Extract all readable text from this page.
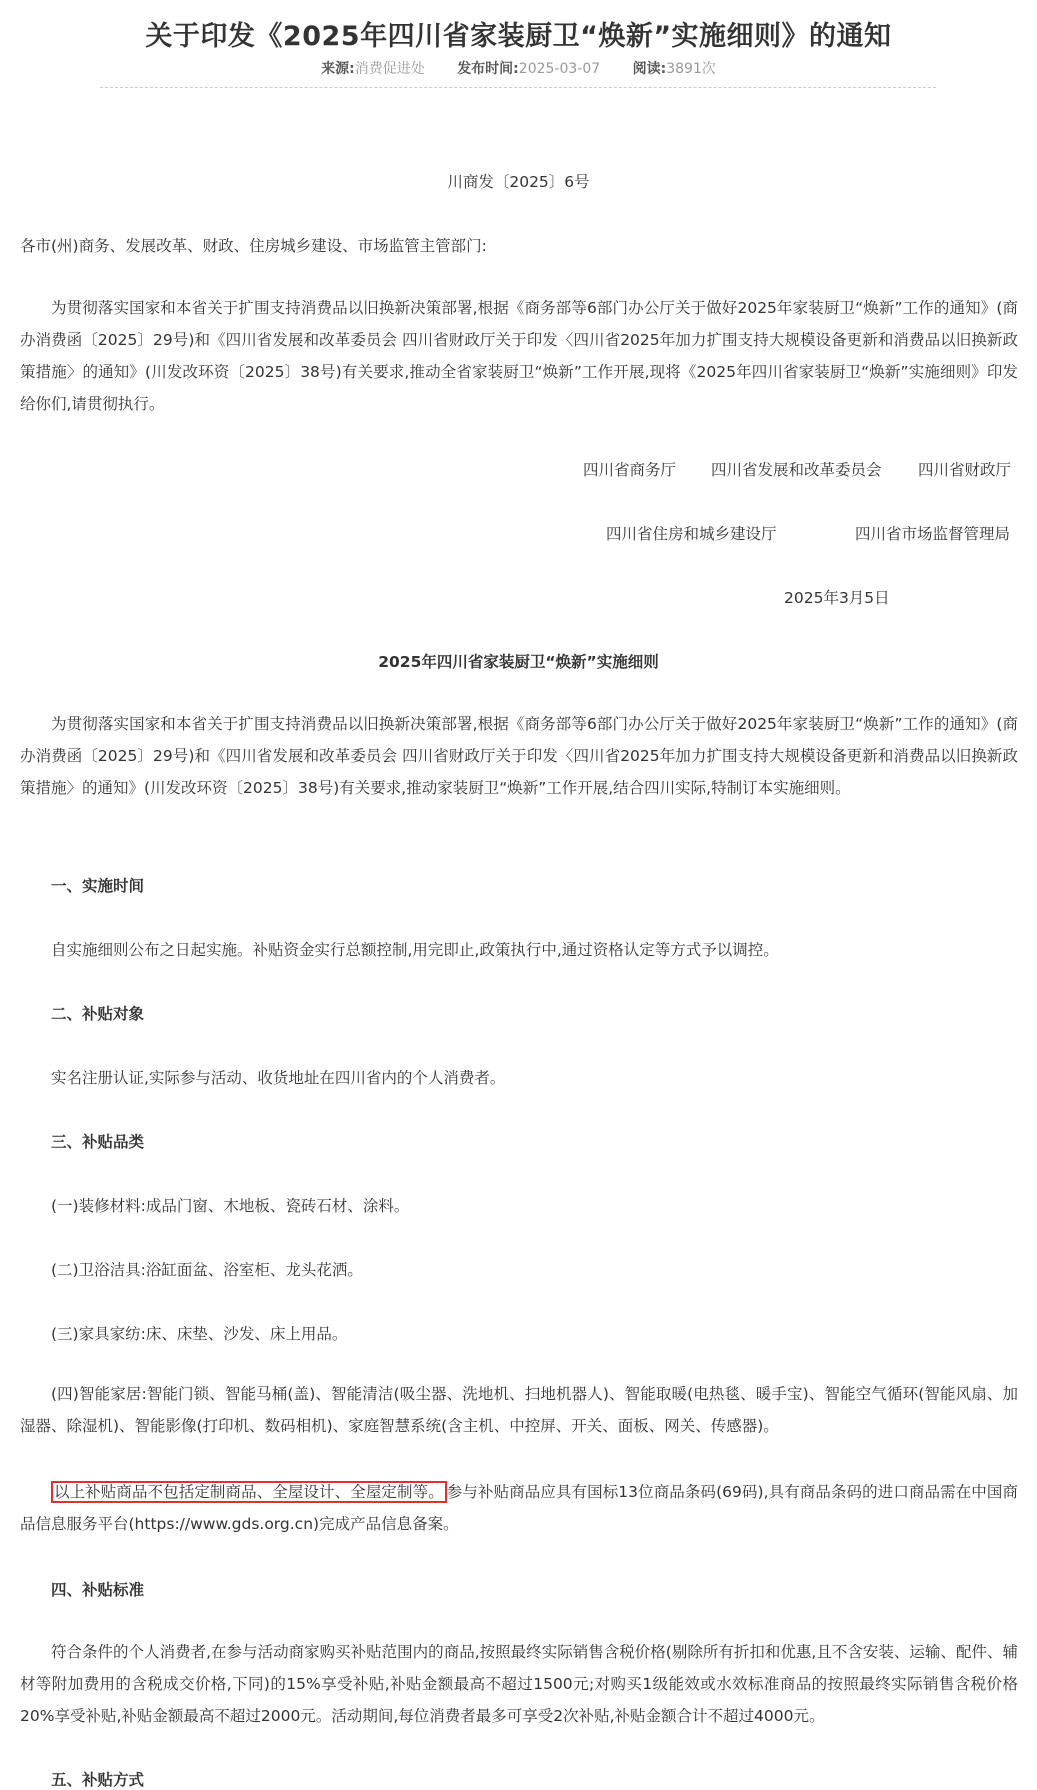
关于印发《2025年四川省家装厨卫“焕新”实施细则》的通知
来源:消费促进处 发布时间:2025-03-07 阅读:3891次
川商发〔2025〕6号
各市(州)商务、发展改革、财政、住房城乡建设、市场监管主管部门:
为贯彻落实国家和本省关于扩围支持消费品以旧换新决策部署,根据《商务部等6部门办公厅关于做好2025年家装厨卫“焕新”工作的通知》(商办消费函〔2025〕29号)和《四川省发展和改革委员会 四川省财政厅关于印发〈四川省2025年加力扩围支持大规模设备更新和消费品以旧换新政策措施〉的通知》(川发改环资〔2025〕38号)有关要求,推动全省家装厨卫“焕新”工作开展,现将《2025年四川省家装厨卫“焕新”实施细则》印发给你们,请贯彻执行。
四川省商务厅 四川省发展和改革委员会 四川省财政厅
四川省住房和城乡建设厅	四川省市场监督管理局
2025年3月5日
2025年四川省家装厨卫“焕新”实施细则
为贯彻落实国家和本省关于扩围支持消费品以旧换新决策部署,根据《商务部等6部门办公厅关于做好2025年家装厨卫“焕新”工作的通知》(商办消费函〔2025〕29号)和《四川省发展和改革委员会 四川省财政厅关于印发〈四川省2025年加力扩围支持大规模设备更新和消费品以旧换新政策措施〉的通知》(川发改环资〔2025〕38号)有关要求,推动家装厨卫“焕新”工作开展,结合四川实际,特制订本实施细则。
一、实施时间
自实施细则公布之日起实施。补贴资金实行总额控制,用完即止,政策执行中,通过资格认定等方式予以调控。
二、补贴对象
实名注册认证,实际参与活动、收货地址在四川省内的个人消费者。
三、补贴品类
(一)装修材料:成品门窗、木地板、瓷砖石材、涂料。
(二)卫浴洁具:浴缸面盆、浴室柜、龙头花洒。
(三)家具家纺:床、床垫、沙发、床上用品。
(四)智能家居:智能门锁、智能马桶(盖)、智能清洁(吸尘器、洗地机、扫地机器人)、智能取暖(电热毯、暖手宝)、智能空气循环(智能风扇、加湿器、除湿机)、智能影像(打印机、数码相机)、家庭智慧系统(含主机、中控屏、开关、面板、网关、传感器)。
以上补贴商品不包括定制商品、全屋设计、全屋定制等。 参与补贴商品应具有国标13位商品条码(69码),具有商品条码的进口商品需在中国商品信息服务平台(https://www.gds.org.cn)完成产品信息备案。
四、补贴标准
符合条件的个人消费者,在参与活动商家购买补贴范围内的商品,按照最终实际销售含税价格(剔除所有折扣和优惠,且不含安装、运输、配件、辅材等附加费用的含税成交价格,下同)的15%享受补贴,补贴金额最高不超过1500元;对购买1级能效或水效标准商品的按照最终实际销售含税价格20%享受补贴,补贴金额最高不超过2000元。活动期间,每位消费者最多可享受2次补贴,补贴金额合计不超过4000元。
五、补贴方式
